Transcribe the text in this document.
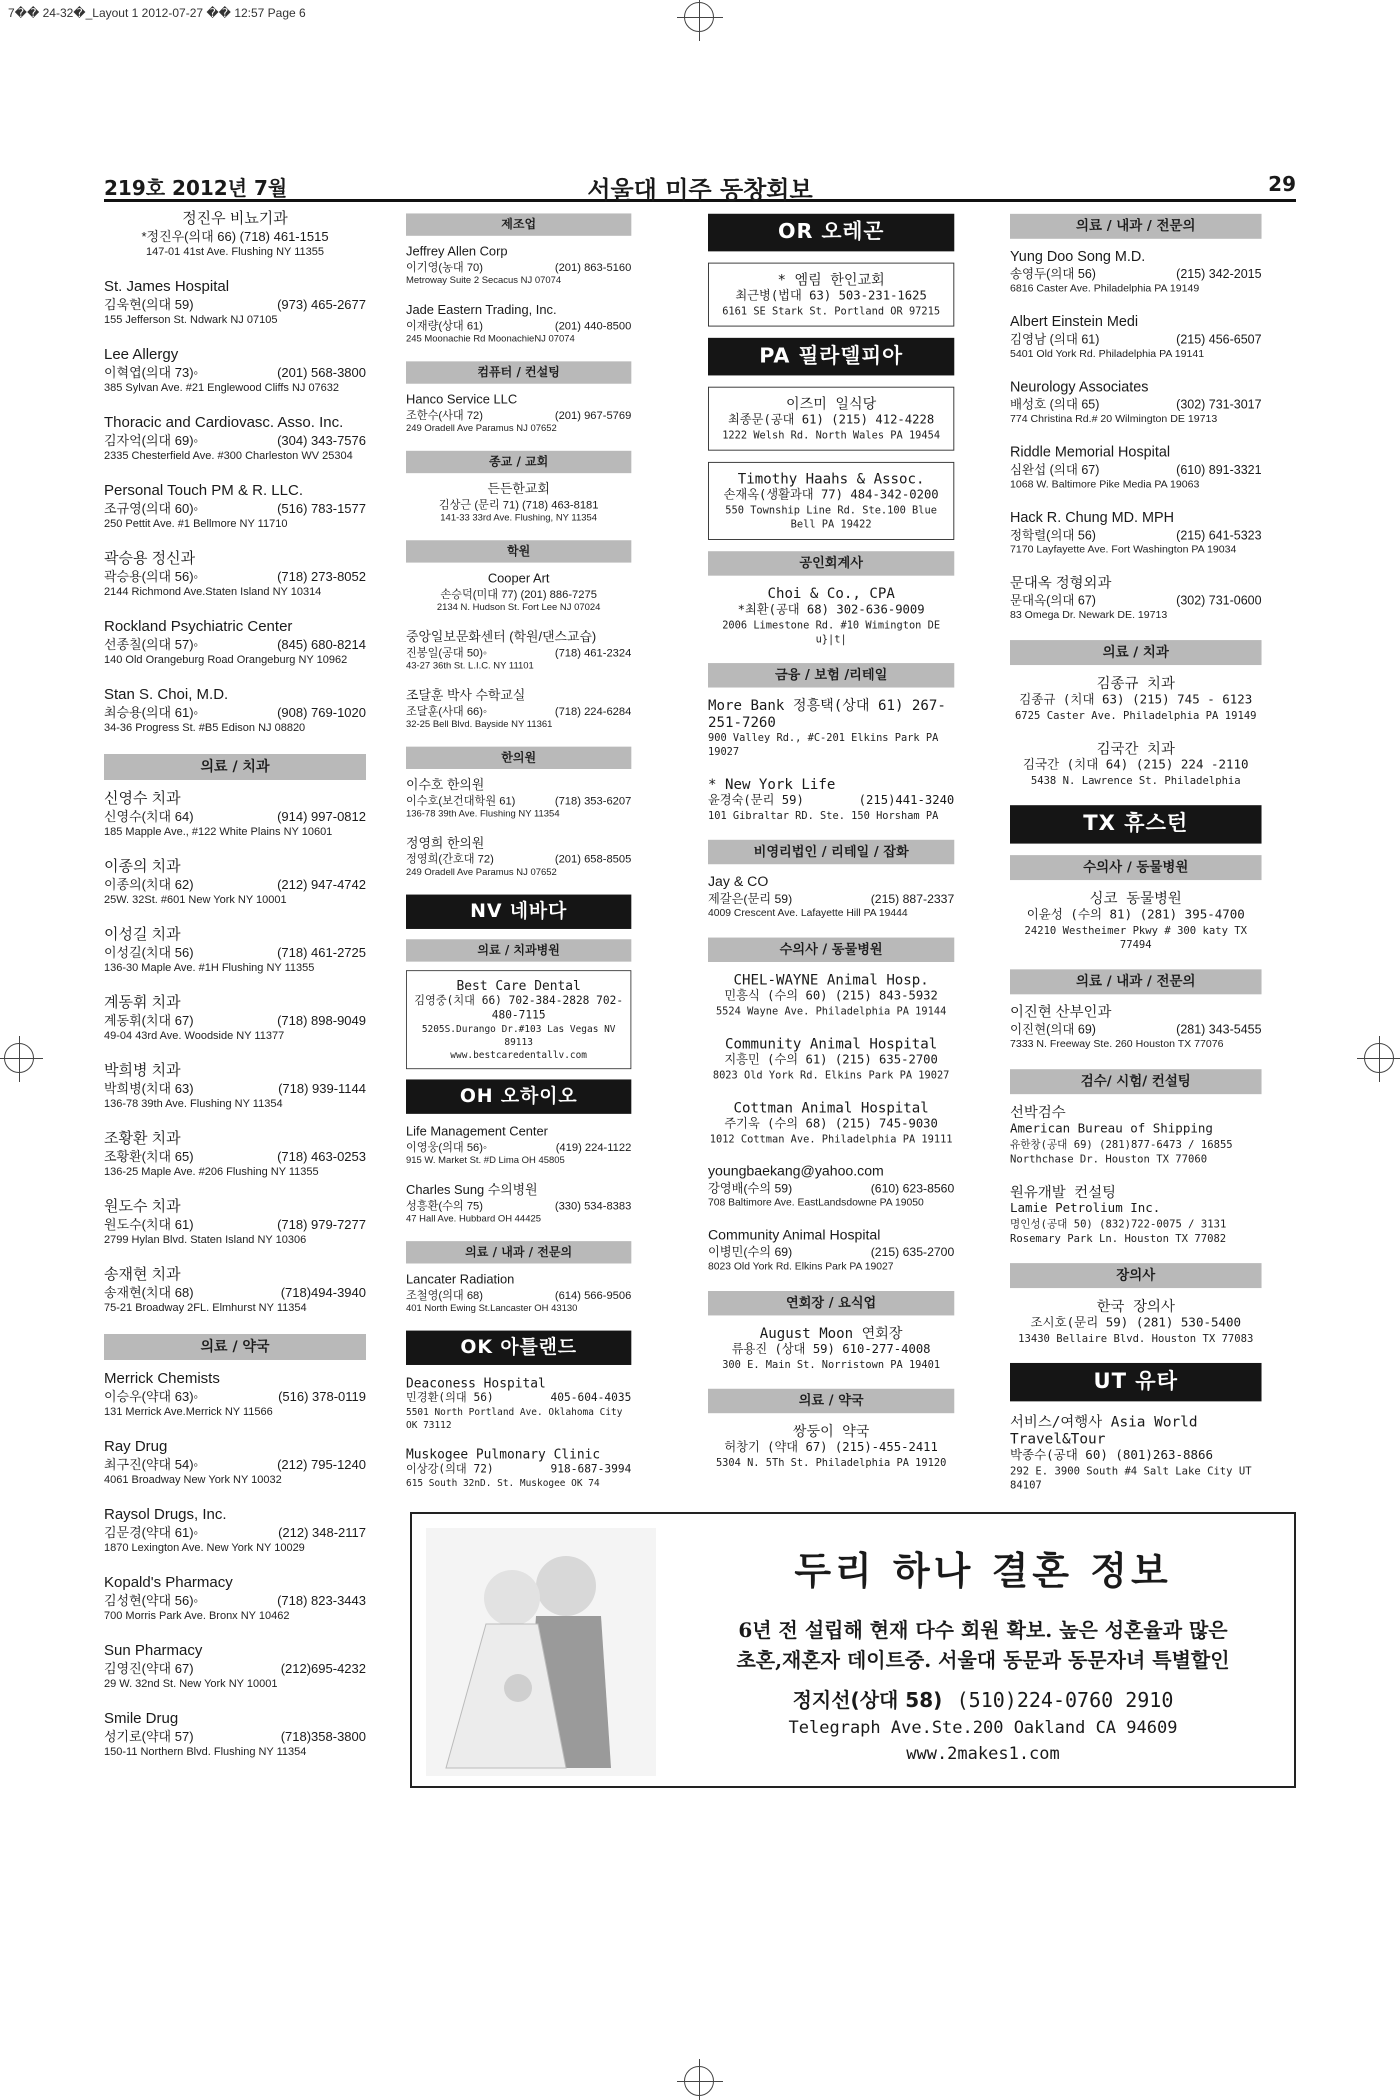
7�� 24-32�_Layout 1 2012-07-27 �� 12:57 Page 6
219호 2012년 7월	서울대 미주 동창회보	29
정진우 비뇨기과
*정진우(의대 66) (718) 461-1515
147-01 41st Ave. Flushing NY 11355
St. James Hospital
김욱현(의대 59)	(973) 465-2677
155 Jefferson St. Ndwark NJ 07105
Lee Allergy
이혁엽(의대 73)◦	(201) 568-3800
385 Sylvan Ave. #21 Englewood Cliffs NJ 07632
Thoracic and Cardiovasc. Asso. Inc.
김자억(의대 69)◦	(304) 343-7576
2335 Chesterfield Ave. #300 Charleston WV 25304
Personal Touch PM & R. LLC.
조규영(의대 60)◦	(516) 783-1577
250 Pettit Ave. #1 Bellmore NY 11710
곽승용 정신과
곽승용(의대 56)◦	(718) 273-8052
2144 Richmond Ave.Staten Island NY 10314
Rockland Psychiatric Center
선종칠(의대 57)◦	(845) 680-8214
140 Old Orangeburg Road Orangeburg NY 10962
Stan S. Choi, M.D.
최승용(의대 61)◦	(908) 769-1020
34-36 Progress St. #B5 Edison NJ 08820
의료 / 치과
신영수 치과
신영수(치대 64)	(914) 997-0812
185 Mapple Ave., #122 White Plains NY 10601
이종의 치과
이종의(치대 62)	(212) 947-4742
25W. 32St. #601 New York NY 10001
이성길 치과
이성길(치대 56)	(718) 461-2725
136-30 Maple Ave. #1H Flushing NY 11355
계동휘 치과
계동휘(치대 67)	(718) 898-9049
49-04 43rd Ave. Woodside NY 11377
박희병 치과
박희병(치대 63)	(718) 939-1144
136-78 39th Ave. Flushing NY 11354
조황환 치과
조황환(치대 65)	(718) 463-0253
136-25 Maple Ave. #206 Flushing NY 11355
원도수 치과
원도수(치대 61)	(718) 979-7277
2799 Hylan Blvd. Staten Island NY 10306
송재현 치과
송재현(치대 68)	(718)494-3940
75-21 Broadway 2FL. Elmhurst NY 11354
의료 / 약국
Merrick Chemists
이승우(약대 63)◦	(516) 378-0119
131 Merrick Ave.Merrick NY 11566
Ray Drug
최구진(약대 54)◦	(212) 795-1240
4061 Broadway New York NY 10032
Raysol Drugs, Inc.
김문경(약대 61)◦	(212) 348-2117
1870 Lexington Ave. New York NY 10029
Kopald's Pharmacy
김성현(약대 56)◦	(718) 823-3443
700 Morris Park Ave. Bronx NY 10462
Sun Pharmacy
김영진(약대 67)	(212)695-4232
29 W. 32nd St. New York NY 10001
Smile Drug
성기로(약대 57)	(718)358-3800
150-11 Northern Blvd. Flushing NY 11354
제조업
Jeffrey Allen Corp
이기영(농대 70)	(201) 863-5160
Metroway Suite 2 Secacus NJ 07074
Jade Eastern Trading, Inc.
이재량(상대 61)	(201) 440-8500
245 Moonachie Rd MoonachieNJ 07074
컴퓨터 / 컨설팅
Hanco Service LLC
조한수(사대 72)	(201) 967-5769
249 Oradell Ave Paramus NJ 07652
종교 / 교회
든든한교회
김상근 (문리 71) (718) 463-8181
141-33 33rd Ave. Flushing, NY 11354
학원
Cooper Art
손승덕(미대 77) (201) 886-7275
2134 N. Hudson St. Fort Lee NJ 07024
중앙일보문화센터 (학원/댄스교습)
진봉일(공대 50)◦	(718) 461-2324
43-27 36th St. L.I.C. NY 11101
조달훈 박사 수학교실
조달훈(사대 66)◦	(718) 224-6284
32-25 Bell Blvd. Bayside NY 11361
한의원
이수호 한의원
이수호(보건대학원 61)	(718) 353-6207
136-78 39th Ave. Flushing NY 11354
정영희 한의원
정영희(간호대 72)	(201) 658-8505
249 Oradell Ave Paramus NJ 07652
NV 네바다
의료 / 치과병원
Best Care Dental
김영중(치대 66) 702-384-2828 702-480-7115
5205S.Durango Dr.#103 Las Vegas NV 89113
www.bestcaredentallv.com
OH 오하이오
Life Management Center
이영웅(의대 56)◦	(419) 224-1122
915 W. Market St. #D Lima OH 45805
Charles Sung 수의병원
성흥환(수의 75)	(330) 534-8383
47 Hall Ave. Hubbard OH 44425
의료 / 내과 / 전문의
Lancater Radiation
조철영(의대 68)	(614) 566-9506
401 North Ewing St.Lancaster OH 43130
OK 아틀랜드
Deaconess Hospital
민경환(의대 56)	405-604-4035
5501 North Portland Ave. Oklahoma City OK 73112
Muskogee Pulmonary Clinic
이상강(의대 72)	918-687-3994
615 South 32nD. St. Muskogee OK 74
OR 오레곤
* 엠림 한인교회
최근병(법대 63) 503-231-1625
6161 SE Stark St. Portland OR 97215
PA 필라델피아
이즈미 일식당
최종문(공대 61) (215) 412-4228
1222 Welsh Rd. North Wales PA 19454
Timothy Haahs & Assoc.
손재옥(생활과대 77) 484-342-0200
550 Township Line Rd. Ste.100 Blue Bell PA 19422
공인회계사
Choi & Co., CPA
*최환(공대 68) 302-636-9009
2006 Limestone Rd. #10 Wimington DE u}|t|
금융 / 보험 /리테일
More Bank 정흥택(상대 61) 267-251-7260
900 Valley Rd., #C-201 Elkins Park PA 19027
* New York Life
윤경숙(문리 59)	(215)441-3240
101 Gibraltar RD. Ste. 150 Horsham PA
비영리법인 / 리테일 / 잡화
Jay & CO
제갈은(문리 59)	(215) 887-2337
4009 Crescent Ave. Lafayette Hill PA 19444
수의사 / 동물병원
CHEL-WAYNE Animal Hosp.
민흥식 (수의 60) (215) 843-5932
5524 Wayne Ave. Philadelphia PA 19144
Community Animal Hospital
지흥민 (수의 61) (215) 635-2700
8023 Old York Rd. Elkins Park PA 19027
Cottman Animal Hospital
주기욱 (수의 68) (215) 745-9030
1012 Cottman Ave. Philadelphia PA 19111
youngbaekang@yahoo.com
강영배(수의 59)	(610) 623-8560
708 Baltimore Ave. EastLandsdowne PA 19050
Community Animal Hospital
이병민(수의 69)	(215) 635-2700
8023 Old York Rd. Elkins Park PA 19027
연회장 / 요식업
August Moon 연회장
류용진 (상대 59) 610-277-4008
300 E. Main St. Norristown PA 19401
의료 / 약국
쌍둥이 약국
허창기 (약대 67) (215)-455-2411
5304 N. 5Th St. Philadelphia PA 19120
의료 / 내과 / 전문의
Yung Doo Song M.D.
송영두(의대 56)	(215) 342-2015
6816 Caster Ave. Philadelphia PA 19149
Albert Einstein Medi
김영남 (의대 61)	(215) 456-6507
5401 Old York Rd. Philadelphia PA 19141
Neurology Associates
배성호 (의대 65)	(302) 731-3017
774 Christina Rd.# 20 Wilmington DE 19713
Riddle Memorial Hospital
심완섭 (의대 67)	(610) 891-3321
1068 W. Baltimore Pike Media PA 19063
Hack R. Chung MD. MPH
정학렬(의대 56)	(215) 641-5323
7170 Layfayette Ave. Fort Washington PA 19034
문대옥 정형외과
문대옥(의대 67)	(302) 731-0600
83 Omega Dr. Newark DE. 19713
의료 / 치과
김종규 치과
김종규 (치대 63) (215) 745 - 6123
6725 Caster Ave. Philadelphia PA 19149
김국간 치과
김국간 (치대 64) (215) 224 -2110
5438 N. Lawrence St. Philadelphia
TX 휴스턴
수의사 / 동물병원
싱코 동물병원
이윤성 (수의 81) (281) 395-4700
24210 Westheimer Pkwy # 300 katy TX 77494
의료 / 내과 / 전문의
이진현 산부인과
이진현(의대 69)	(281) 343-5455
7333 N. Freeway Ste. 260 Houston TX 77076
검수/ 시험/ 컨설팅
선박검수
American Bureau of Shipping
유한창(공대 69) (281)877-6473 / 16855 Northchase Dr. Houston TX 77060
원유개발 컨설팅
Lamie Petrolium Inc.
명인성(공대 50) (832)722-0075 / 3131 Rosemary Park Ln. Houston TX 77082
장의사
한국 장의사
조시호(문리 59) (281) 530-5400
13430 Bellaire Blvd. Houston TX 77083
UT 유타
서비스/여행사 Asia World Travel&Tour
박종수(공대 60) (801)263-8866
292 E. 3900 South #4 Salt Lake City UT 84107
두리 하나 결혼 정보
6년 전 설립해 현재 다수 회원 확보. 높은 성혼율과 많은
초혼,재혼자 데이트중. 서울대 동문과 동문자녀 특별할인
정지선(상대 58) (510)224-0760 2910
Telegraph Ave.Ste.200 Oakland CA 94609
www.2makes1.com
